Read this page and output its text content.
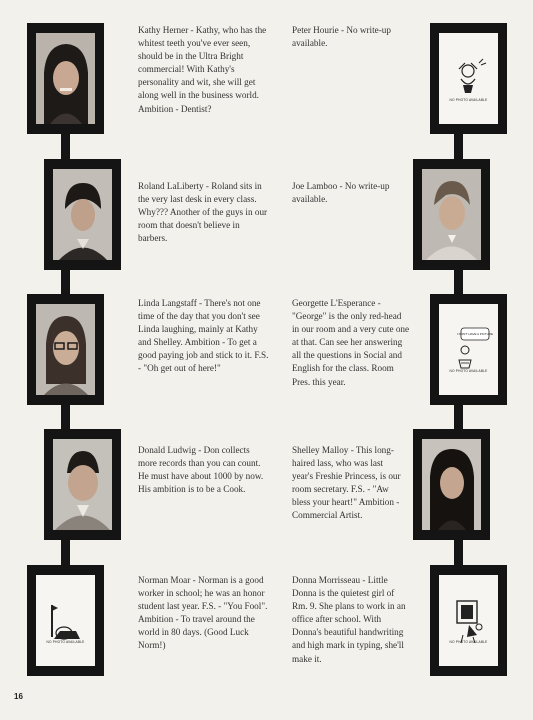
NO PHOTO AVAILABLE
NO PHOTO AVAILABLE
I DON'T HAVE A PICTURE
NO PHOTO AVAILABLE
NO PHOTO AVAILABLE

Kathy Herner - Kathy, who has the whitest teeth you've ever seen, should be in the Ultra Bright commercial! With Kathy's personality and wit, she will get along well in the business world. Ambition - Dentist?

Roland LaLiberty - Roland sits in the very last desk in every class. Why??? Another of the guys in our room that doesn't believe in barbers.

Linda Langstaff - There's not one time of the day that you don't see Linda laughing, mainly at Kathy and Shelley. Ambition - To get a good paying job and stick to it. F.S. - "Oh get out of here!"

Donald Ludwig - Don collects more records than you can count. He must have about 1000 by now. His ambition is to be a Cook.

Norman Moar - Norman is a good worker in school; he was an honor student last year. F.S. - "You Fool". Ambition - To travel around the world in 80 days. (Good Luck Norm!)

Peter Hourie - No write-up available.

Joe Lamboo - No write-up available.

Georgette L'Esperance - "George" is the only red-head in our room and a very cute one at that. Can see her answering all the questions in Social and English for the class. Room Pres. this year.

Shelley Malloy - This long-haired lass, who was last year's Freshie Princess, is our room secretary. F.S. - "Aw bless your heart!" Ambition - Commercial Artist.

Donna Morrisseau - Little Donna is the quietest girl of Rm. 9. She plans to work in an office after school. With Donna's beautiful handwriting and high mark in typing, she'll make it.

16
